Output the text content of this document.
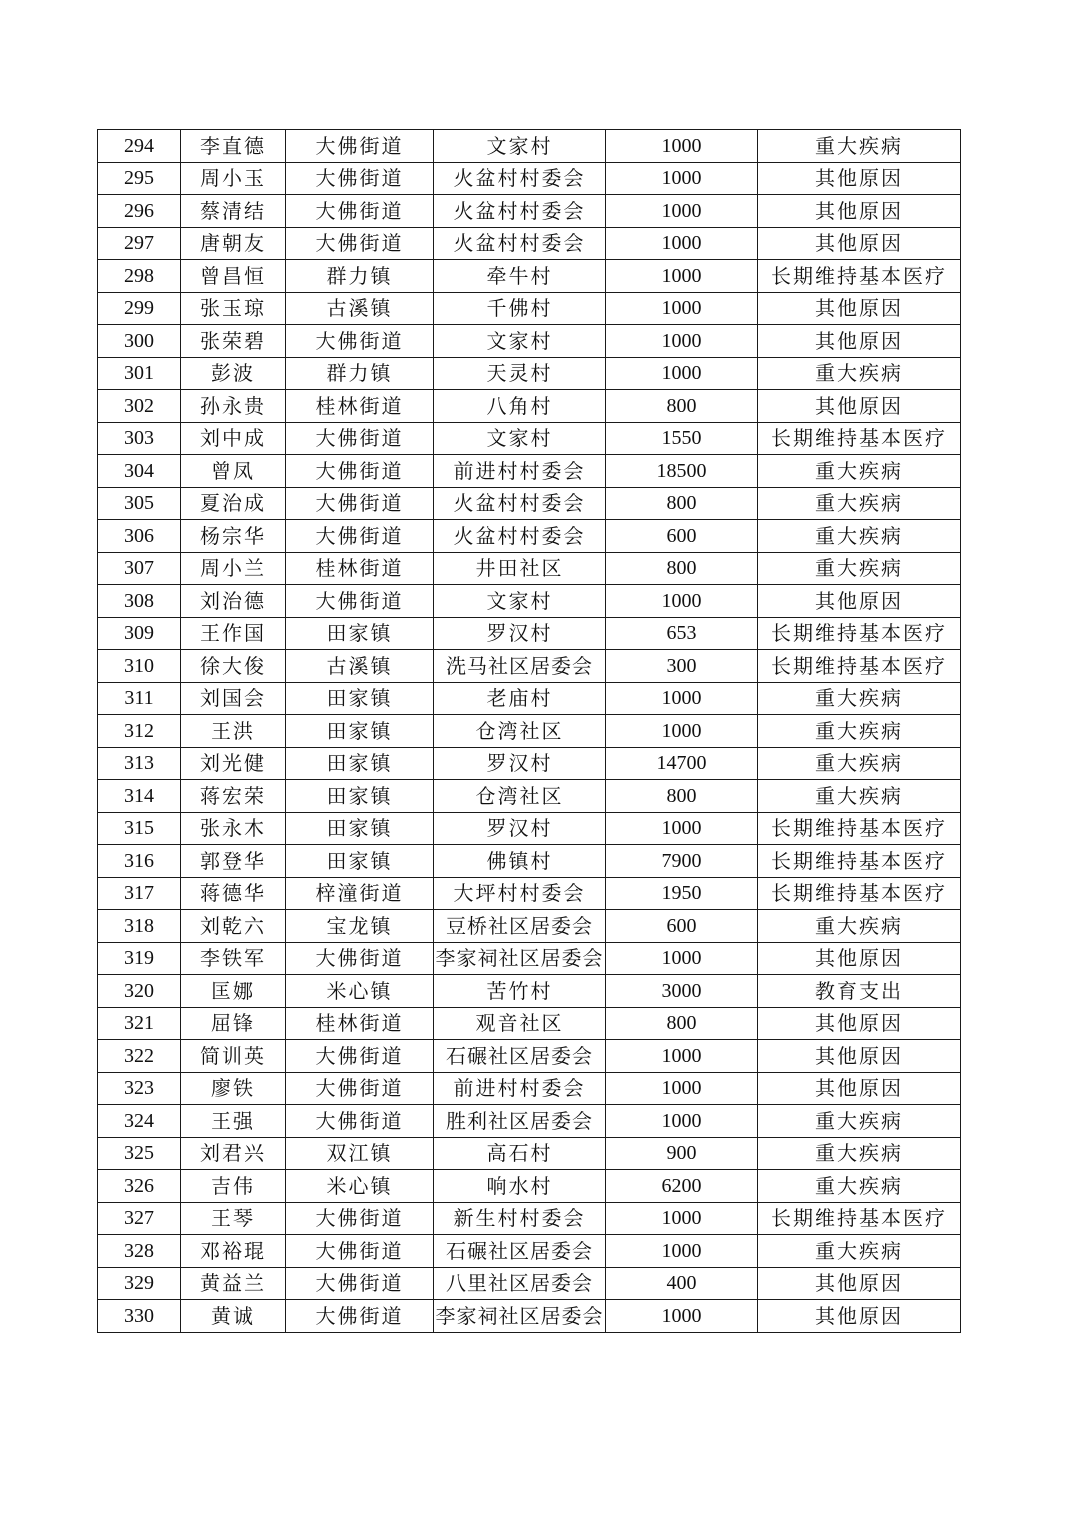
294	李直德	大佛街道	文家村	1000	重大疾病
295	周小玉	大佛街道	火盆村村委会	1000	其他原因
296	蔡清结	大佛街道	火盆村村委会	1000	其他原因
297	唐朝友	大佛街道	火盆村村委会	1000	其他原因
298	曾昌恒	群力镇	牵牛村	1000	长期维持基本医疗
299	张玉琼	古溪镇	千佛村	1000	其他原因
300	张荣碧	大佛街道	文家村	1000	其他原因
301	彭波	群力镇	天灵村	1000	重大疾病
302	孙永贵	桂林街道	八角村	800	其他原因
303	刘中成	大佛街道	文家村	1550	长期维持基本医疗
304	曾凤	大佛街道	前进村村委会	18500	重大疾病
305	夏治成	大佛街道	火盆村村委会	800	重大疾病
306	杨宗华	大佛街道	火盆村村委会	600	重大疾病
307	周小兰	桂林街道	井田社区	800	重大疾病
308	刘治德	大佛街道	文家村	1000	其他原因
309	王作国	田家镇	罗汉村	653	长期维持基本医疗
310	徐大俊	古溪镇	洗马社区居委会	300	长期维持基本医疗
311	刘国会	田家镇	老庙村	1000	重大疾病
312	王洪	田家镇	仓湾社区	1000	重大疾病
313	刘光健	田家镇	罗汉村	14700	重大疾病
314	蒋宏荣	田家镇	仓湾社区	800	重大疾病
315	张永木	田家镇	罗汉村	1000	长期维持基本医疗
316	郭登华	田家镇	佛镇村	7900	长期维持基本医疗
317	蒋德华	梓潼街道	大坪村村委会	1950	长期维持基本医疗
318	刘乾六	宝龙镇	豆桥社区居委会	600	重大疾病
319	李铁军	大佛街道	李家祠社区居委会	1000	其他原因
320	匡娜	米心镇	苦竹村	3000	教育支出
321	屈锋	桂林街道	观音社区	800	其他原因
322	简训英	大佛街道	石碾社区居委会	1000	其他原因
323	廖铁	大佛街道	前进村村委会	1000	其他原因
324	王强	大佛街道	胜利社区居委会	1000	重大疾病
325	刘君兴	双江镇	高石村	900	重大疾病
326	吉伟	米心镇	响水村	6200	重大疾病
327	王琴	大佛街道	新生村村委会	1000	长期维持基本医疗
328	邓裕琨	大佛街道	石碾社区居委会	1000	重大疾病
329	黄益兰	大佛街道	八里社区居委会	400	其他原因
330	黄诚	大佛街道	李家祠社区居委会	1000	其他原因
